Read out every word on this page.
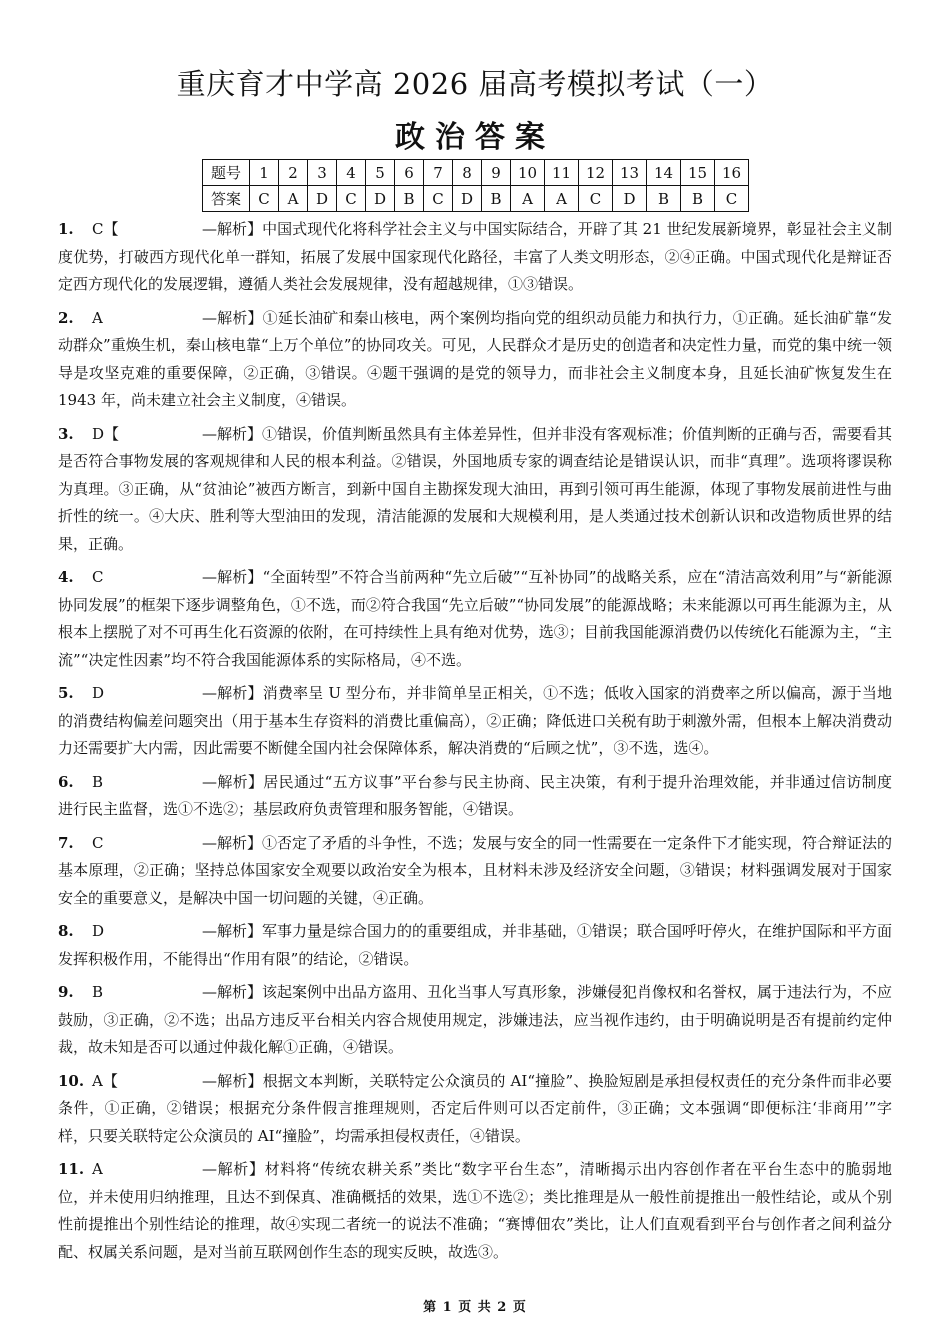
重庆育才中学高 2026 届高考模拟考试（一）
政治答案
题号	1	2	3	4	5	6	7	8	9	10	11	12	13	14	15	16
答案	C	A	D	C	D	B	C	D	B	A	A	C	D	B	B	C
1. C【	—解析】中国式现代化将科学社会主义与中国实际结合，开辟了其 21 世纪发展新境界，彰显社会主义制度优势，打破西方现代化单一群知，拓展了发展中国家现代化路径，丰富了人类文明形态，②④正确。中国式现代化是辩证否定西方现代化的发展逻辑，遵循人类社会发展规律，没有超越规律，①③错误。
2. A	—解析】①延长油矿和秦山核电，两个案例均指向党的组织动员能力和执行力，①正确。延长油矿靠“发动群众”重焕生机，秦山核电靠“上万个单位”的协同攻关。可见，人民群众才是历史的创造者和决定性力量，而党的集中统一领导是攻坚克难的重要保障，②正确，③错误。④题干强调的是党的领导力，而非社会主义制度本身，且延长油矿恢复发生在 1943 年，尚未建立社会主义制度，④错误。
3. D【	—解析】①错误，价值判断虽然具有主体差异性，但并非没有客观标准；价值判断的正确与否，需要看其是否符合事物发展的客观规律和人民的根本利益。②错误，外国地质专家的调查结论是错误认识，而非“真理”。选项将谬误称为真理。③正确，从“贫油论”被西方断言，到新中国自主勘探发现大油田，再到引领可再生能源，体现了事物发展前进性与曲折性的统一。④大庆、胜利等大型油田的发现，清洁能源的发展和大规模利用，是人类通过技术创新认识和改造物质世界的结果，正确。
4. C	—解析】“全面转型”不符合当前两种“先立后破”“互补协同”的战略关系，应在“清洁高效利用”与“新能源协同发展”的框架下逐步调整角色，①不选，而②符合我国“先立后破”“协同发展”的能源战略；未来能源以可再生能源为主，从根本上摆脱了对不可再生化石资源的依附，在可持续性上具有绝对优势，选③；目前我国能源消费仍以传统化石能源为主，“主流”“决定性因素”均不符合我国能源体系的实际格局，④不选。
5. D	—解析】消费率呈 U 型分布，并非简单呈正相关，①不选；低收入国家的消费率之所以偏高，源于当地的消费结构偏差问题突出（用于基本生存资料的消费比重偏高），②正确；降低进口关税有助于刺激外需，但根本上解决消费动力还需要扩大内需，因此需要不断健全国内社会保障体系，解决消费的“后顾之忧”，③不选，选④。
6. B	—解析】居民通过“五方议事”平台参与民主协商、民主决策，有利于提升治理效能，并非通过信访制度进行民主监督，选①不选②；基层政府负责管理和服务智能，④错误。
7. C	—解析】①否定了矛盾的斗争性，不选；发展与安全的同一性需要在一定条件下才能实现，符合辩证法的基本原理，②正确；坚持总体国家安全观要以政治安全为根本，且材料未涉及经济安全问题，③错误；材料强调发展对于国家安全的重要意义，是解决中国一切问题的关键，④正确。
8. D	—解析】军事力量是综合国力的的重要组成，并非基础，①错误；联合国呼吁停火，在维护国际和平方面发挥积极作用，不能得出“作用有限”的结论，②错误。
9. B	—解析】该起案例中出品方盗用、丑化当事人写真形象，涉嫌侵犯肖像权和名誉权，属于违法行为，不应鼓励，③正确，②不选；出品方违反平台相关内容合规使用规定，涉嫌违法，应当视作违约，由于明确说明是否有提前约定仲裁，故未知是否可以通过仲裁化解①正确，④错误。
10. A【	—解析】根据文本判断，关联特定公众演员的 AI“撞脸”、换脸短剧是承担侵权责任的充分条件而非必要条件，①正确，②错误；根据充分条件假言推理规则，否定后件则可以否定前件，③正确；文本强调“即便标注‘非商用’”字样，只要关联特定公众演员的 AI“撞脸”，均需承担侵权责任，④错误。
11. A	—解析】材料将“传统农耕关系”类比“数字平台生态”，清晰揭示出内容创作者在平台生态中的脆弱地位，并未使用归纳推理，且达不到保真、准确概括的效果，选①不选②；类比推理是从一般性前提推出一般性结论，或从个别性前提推出个别性结论的推理，故④实现二者统一的说法不准确；“赛博佃农”类比，让人们直观看到平台与创作者之间利益分配、权属关系问题，是对当前互联网创作生态的现实反映，故选③。
第 1 页 共 2 页
